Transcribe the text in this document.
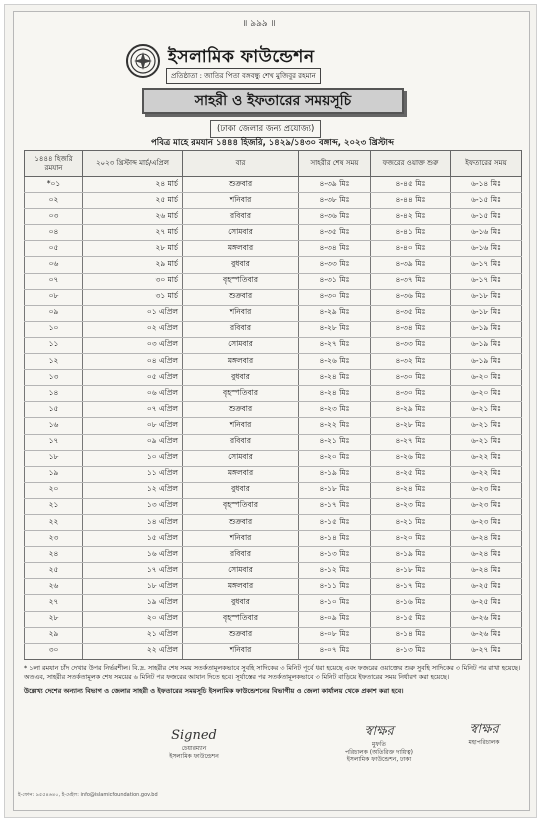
॥ ৯৯৯ ॥
ইসলামিক ফাউন্ডেশন
প্রতিষ্ঠাতা : জাতির পিতা বঙ্গবন্ধু শেখ মুজিবুর রহমান
সাহরী ও ইফতারের সময়সূচি
(ঢাকা জেলার জন্য প্রযোজ্য)
পবিত্র মাহে রমযান ১৪৪৪ হিজরি, ১৪২৯/১৪৩০ বঙ্গাব্দ, ২০২৩ খ্রিস্টাব্দ
১৪৪৪ হিজরি রমযান	২০২৩ খ্রিস্টাব্দ মার্চ/এপ্রিল	বার	সাহরীর শেষ সময়	ফজরের ওয়াক্ত শুরু	ইফতারের সময়
*০১	২৪ মার্চ	শুক্রবার	৪-৩৯ মিঃ	৪-৪৫ মিঃ	৬-১৪ মিঃ
০২	২৫ মার্চ	শনিবার	৪-৩৮ মিঃ	৪-৪৪ মিঃ	৬-১৫ মিঃ
০৩	২৬ মার্চ	রবিবার	৪-৩৬ মিঃ	৪-৪২ মিঃ	৬-১৫ মিঃ
০৪	২৭ মার্চ	সোমবার	৪-৩৫ মিঃ	৪-৪১ মিঃ	৬-১৬ মিঃ
০৫	২৮ মার্চ	মঙ্গলবার	৪-৩৪ মিঃ	৪-৪০ মিঃ	৬-১৬ মিঃ
০৬	২৯ মার্চ	বুধবার	৪-৩৩ মিঃ	৪-৩৯ মিঃ	৬-১৭ মিঃ
০৭	৩০ মার্চ	বৃহস্পতিবার	৪-৩১ মিঃ	৪-৩৭ মিঃ	৬-১৭ মিঃ
০৮	৩১ মার্চ	শুক্রবার	৪-৩০ মিঃ	৪-৩৬ মিঃ	৬-১৮ মিঃ
০৯	০১ এপ্রিল	শনিবার	৪-২৯ মিঃ	৪-৩৫ মিঃ	৬-১৮ মিঃ
১০	০২ এপ্রিল	রবিবার	৪-২৮ মিঃ	৪-৩৪ মিঃ	৬-১৯ মিঃ
১১	০৩ এপ্রিল	সোমবার	৪-২৭ মিঃ	৪-৩৩ মিঃ	৬-১৯ মিঃ
১২	০৪ এপ্রিল	মঙ্গলবার	৪-২৬ মিঃ	৪-৩২ মিঃ	৬-১৯ মিঃ
১৩	০৫ এপ্রিল	বুধবার	৪-২৪ মিঃ	৪-৩০ মিঃ	৬-২০ মিঃ
১৪	০৬ এপ্রিল	বৃহস্পতিবার	৪-২৪ মিঃ	৪-৩০ মিঃ	৬-২০ মিঃ
১৫	০৭ এপ্রিল	শুক্রবার	৪-২৩ মিঃ	৪-২৯ মিঃ	৬-২১ মিঃ
১৬	০৮ এপ্রিল	শনিবার	৪-২২ মিঃ	৪-২৮ মিঃ	৬-২১ মিঃ
১৭	০৯ এপ্রিল	রবিবার	৪-২১ মিঃ	৪-২৭ মিঃ	৬-২১ মিঃ
১৮	১০ এপ্রিল	সোমবার	৪-২০ মিঃ	৪-২৬ মিঃ	৬-২২ মিঃ
১৯	১১ এপ্রিল	মঙ্গলবার	৪-১৯ মিঃ	৪-২৫ মিঃ	৬-২২ মিঃ
২০	১২ এপ্রিল	বুধবার	৪-১৮ মিঃ	৪-২৪ মিঃ	৬-২৩ মিঃ
২১	১৩ এপ্রিল	বৃহস্পতিবার	৪-১৭ মিঃ	৪-২৩ মিঃ	৬-২৩ মিঃ
২২	১৪ এপ্রিল	শুক্রবার	৪-১৫ মিঃ	৪-২১ মিঃ	৬-২৩ মিঃ
২৩	১৫ এপ্রিল	শনিবার	৪-১৪ মিঃ	৪-২০ মিঃ	৬-২৪ মিঃ
২৪	১৬ এপ্রিল	রবিবার	৪-১৩ মিঃ	৪-১৯ মিঃ	৬-২৪ মিঃ
২৫	১৭ এপ্রিল	সোমবার	৪-১২ মিঃ	৪-১৮ মিঃ	৬-২৪ মিঃ
২৬	১৮ এপ্রিল	মঙ্গলবার	৪-১১ মিঃ	৪-১৭ মিঃ	৬-২৫ মিঃ
২৭	১৯ এপ্রিল	বুধবার	৪-১০ মিঃ	৪-১৬ মিঃ	৬-২৫ মিঃ
২৮	২০ এপ্রিল	বৃহস্পতিবার	৪-০৯ মিঃ	৪-১৫ মিঃ	৬-২৬ মিঃ
২৯	২১ এপ্রিল	শুক্রবার	৪-০৮ মিঃ	৪-১৪ মিঃ	৬-২৬ মিঃ
৩০	২২ এপ্রিল	শনিবার	৪-০৭ মিঃ	৪-১৩ মিঃ	৬-২৭ মিঃ

* ১লা রমযান চাঁদ দেখার উপর নির্ভরশীল। বি.দ্র. সাহরীর শেষ সময় সতর্কতামূলকভাবে সুবহি সাদিকের ৩ মিনিট পূর্বে ধরা হয়েছে এবং ফজরের ওয়াক্তের শুরু সুবহি সাদিকের ৩ মিনিট পর রাখা হয়েছে। অতএব, সাহরীর সতর্কতামূলক শেষ সময়ের ৬ মিনিট পর ফজরের আযান দিতে হবে। সূর্যাস্তের পর সতর্কতামূলকভাবে ৩ মিনিট বাড়িয়ে ইফতারের সময় নির্ধারণ করা হয়েছে।

উল্লেখ্য দেশের অন্যান্য বিভাগ ও জেলার সাহরী ও ইফতারের সময়সূচি ইসলামিক ফাউন্ডেশনের বিভাগীয় ও জেলা কার্যালয় থেকে প্রকাশ করা হবে।

Signed
চেয়ারম্যান
ইসলামিক ফাউন্ডেশন
স্বাক্ষর
মুফতি
পরিচালক (অতিরিক্ত দায়িত্ব)
ইসলামিক ফাউন্ডেশন, ঢাকা
স্বাক্ষর
মহাপরিচালক
ই-ফোন: ৯৫৫৪৬৪০, ই-মেইল: info@islamicfoundation.gov.bd
